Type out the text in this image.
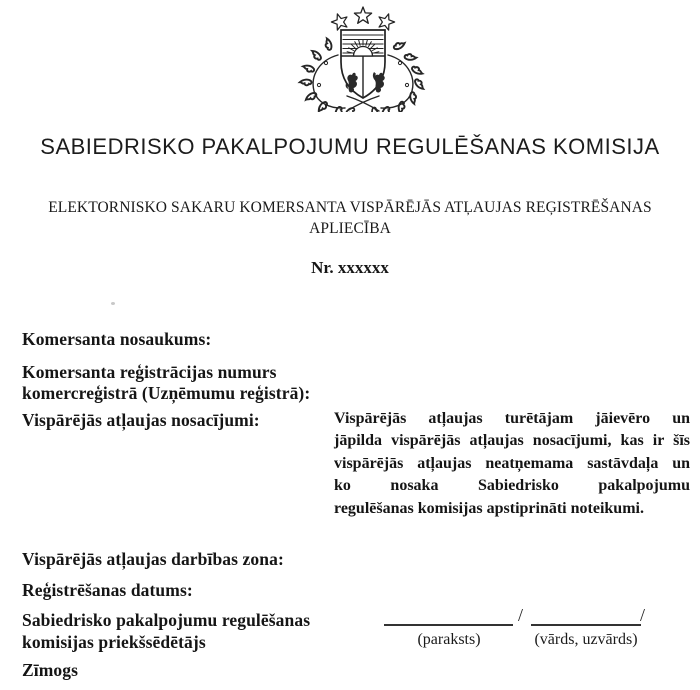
SABIEDRISKO PAKALPOJUMU REGULĒŠANAS KOMISIJA
ELEKTORNISKO SAKARU KOMERSANTA VISPĀRĒJĀS ATĻAUJAS REĢISTRĒŠANAS
APLIECĪBA
Nr. xxxxxx
Komersanta nosaukums:
Komersanta reģistrācijas numurs
komercreģistrā (Uzņēmumu reģistrā):
Vispārējās atļaujas nosacījumi:	Vispārējās atļaujas turētājam jāievēro un
jāpilda vispārējās atļaujas nosacījumi, kas ir šīs
vispārējās atļaujas neatņemama sastāvdaļa un
ko nosaka Sabiedrisko pakalpojumu
regulēšanas komisijas apstiprināti noteikumi.
Vispārējās atļaujas darbības zona:
Reģistrēšanas datums:
Sabiedrisko pakalpojumu regulēšanas
komisijas priekšsēdētājs
/	/
(paraksts)	(vārds, uzvārds)
Zīmogs
